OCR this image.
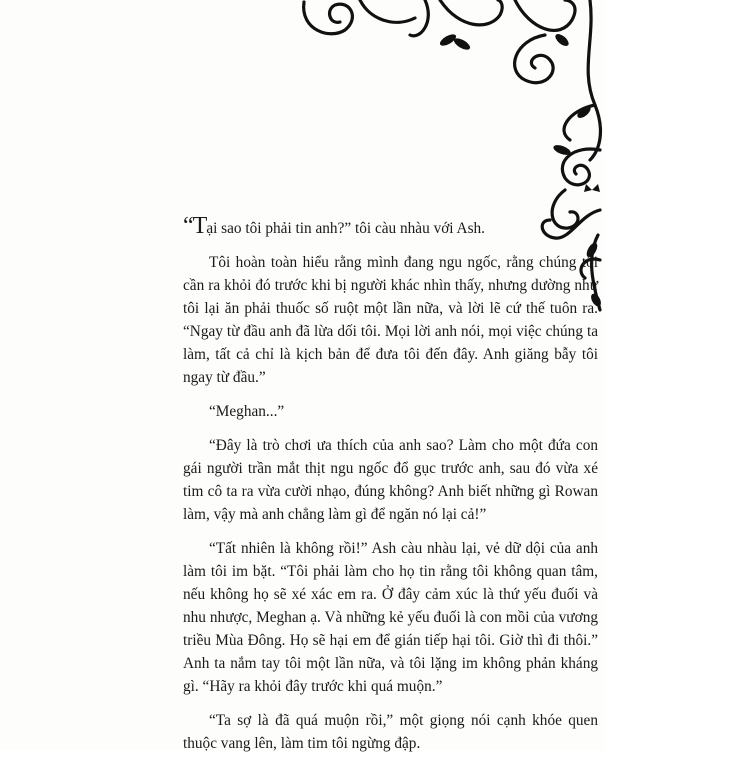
“Tại sao tôi phải tin anh?” tôi càu nhàu với Ash.

Tôi hoàn toàn hiểu rằng mình đang ngu ngốc, rằng chúng tôi cần ra khỏi đó trước khi bị người khác nhìn thấy, nhưng dường như tôi lại ăn phải thuốc số ruột một lần nữa, và lời lẽ cứ thế tuôn ra. “Ngay từ đầu anh đã lừa dối tôi. Mọi lời anh nói, mọi việc chúng ta làm, tất cả chỉ là kịch bản để đưa tôi đến đây. Anh giăng bẫy tôi ngay từ đầu.”

“Meghan...”

“Đây là trò chơi ưa thích của anh sao? Làm cho một đứa con gái người trần mắt thịt ngu ngốc đổ gục trước anh, sau đó vừa xé tim cô ta ra vừa cười nhạo, đúng không? Anh biết những gì Rowan làm, vậy mà anh chẳng làm gì để ngăn nó lại cả!”

“Tất nhiên là không rồi!” Ash càu nhàu lại, vẻ dữ dội của anh làm tôi im bặt. “Tôi phải làm cho họ tin rằng tôi không quan tâm, nếu không họ sẽ xé xác em ra. Ở đây cảm xúc là thứ yếu đuối và nhu nhược, Meghan ạ. Và những kẻ yếu đuối là con mồi của vương triều Mùa Đông. Họ sẽ hại em để gián tiếp hại tôi. Giờ thì đi thôi.” Anh ta nắm tay tôi một lần nữa, và tôi lặng im không phản kháng gì. “Hãy ra khỏi đây trước khi quá muộn.”

“Ta sợ là đã quá muộn rồi,” một giọng nói cạnh khóe quen thuộc vang lên, làm tim tôi ngừng đập.
